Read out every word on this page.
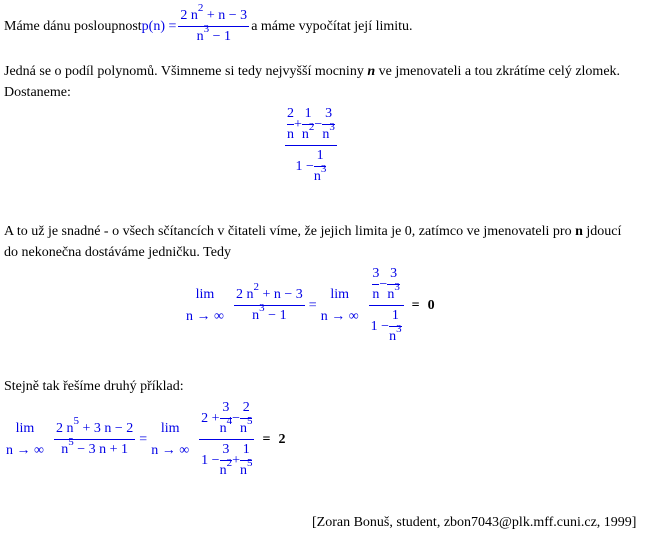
Máme dánu posloupnost $p(n) = \frac{2 n^2 + n - 3}{n^3 - 1}$ a máme vypočítat její limitu.
Jedná se o podíl polynomů. Všimneme si tedy nejvyšší mocniny n ve jmenovateli a tou zkrátíme celý zlomek.
Dostaneme:
$\frac{\frac{2}{n} + \frac{1}{n^2} - \frac{3}{n^3}}{1 - \frac{1}{n^3}}$
A to už je snadné - o všech sčítancích v čitateli víme, že jejich limita je 0, zatímco ve jmenovateli pro n jdoucí
do nekonečna dostáváme jedničku. Tedy
lim
n → ∞ $\frac{2 n^2 + n - 3}{n^3 - 1}$ =
lim
n → ∞ $\frac{\frac{3}{n} - \frac{3}{n^3}}{1 - \frac{1}{n^3}} = 0$
Stejně tak řešíme druhý příklad:
lim
n → ∞ $\frac{2 n^5 + 3 n - 2}{n^5 - 3 n + 1}$ =
lim
n → ∞ $\frac{2 + \frac{3}{n^4} - \frac{2}{n^5}}{1 - \frac{3}{n^2} + \frac{1}{n^5}} = 2$
[Zoran Bonuš, student, zbon7043@plk.mff.cuni.cz, 1999]
